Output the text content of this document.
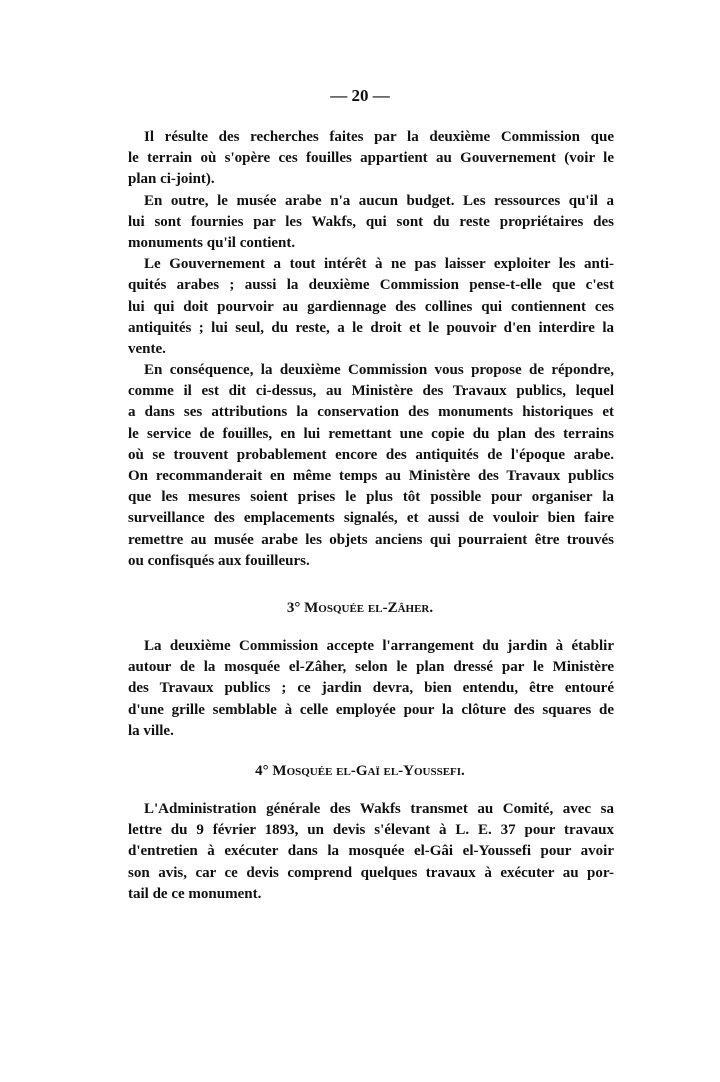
— 20 —
Il résulte des recherches faites par la deuxième Commission que
le terrain où s'opère ces fouilles appartient au Gouvernement (voir le
plan ci-joint).
En outre, le musée arabe n'a aucun budget. Les ressources qu'il a
lui sont fournies par les Wakfs, qui sont du reste propriétaires des
monuments qu'il contient.
Le Gouvernement a tout intérêt à ne pas laisser exploiter les anti-
quités arabes ; aussi la deuxième Commission pense-t-elle que c'est
lui qui doit pourvoir au gardiennage des collines qui contiennent ces
antiquités ; lui seul, du reste, a le droit et le pouvoir d'en interdire la
vente.
En conséquence, la deuxième Commission vous propose de répondre,
comme il est dit ci-dessus, au Ministère des Travaux publics, lequel
a dans ses attributions la conservation des monuments historiques et
le service de fouilles, en lui remettant une copie du plan des terrains
où se trouvent probablement encore des antiquités de l'époque arabe.
On recommanderait en même temps au Ministère des Travaux publics
que les mesures soient prises le plus tôt possible pour organiser la
surveillance des emplacements signalés, et aussi de vouloir bien faire
remettre au musée arabe les objets anciens qui pourraient être trouvés
ou confisqués aux fouilleurs.
3° Mosquée el-Zâher.
La deuxième Commission accepte l'arrangement du jardin à établir
autour de la mosquée el-Zâher, selon le plan dressé par le Ministère
des Travaux publics ; ce jardin devra, bien entendu, être entouré
d'une grille semblable à celle employée pour la clôture des squares de
la ville.
4° Mosquée el-Gaï el-Youssefi.
L'Administration générale des Wakfs transmet au Comité, avec sa
lettre du 9 février 1893, un devis s'élevant à L. E. 37 pour travaux
d'entretien à exécuter dans la mosquée el-Gâi el-Youssefi pour avoir
son avis, car ce devis comprend quelques travaux à exécuter au por-
tail de ce monument.
